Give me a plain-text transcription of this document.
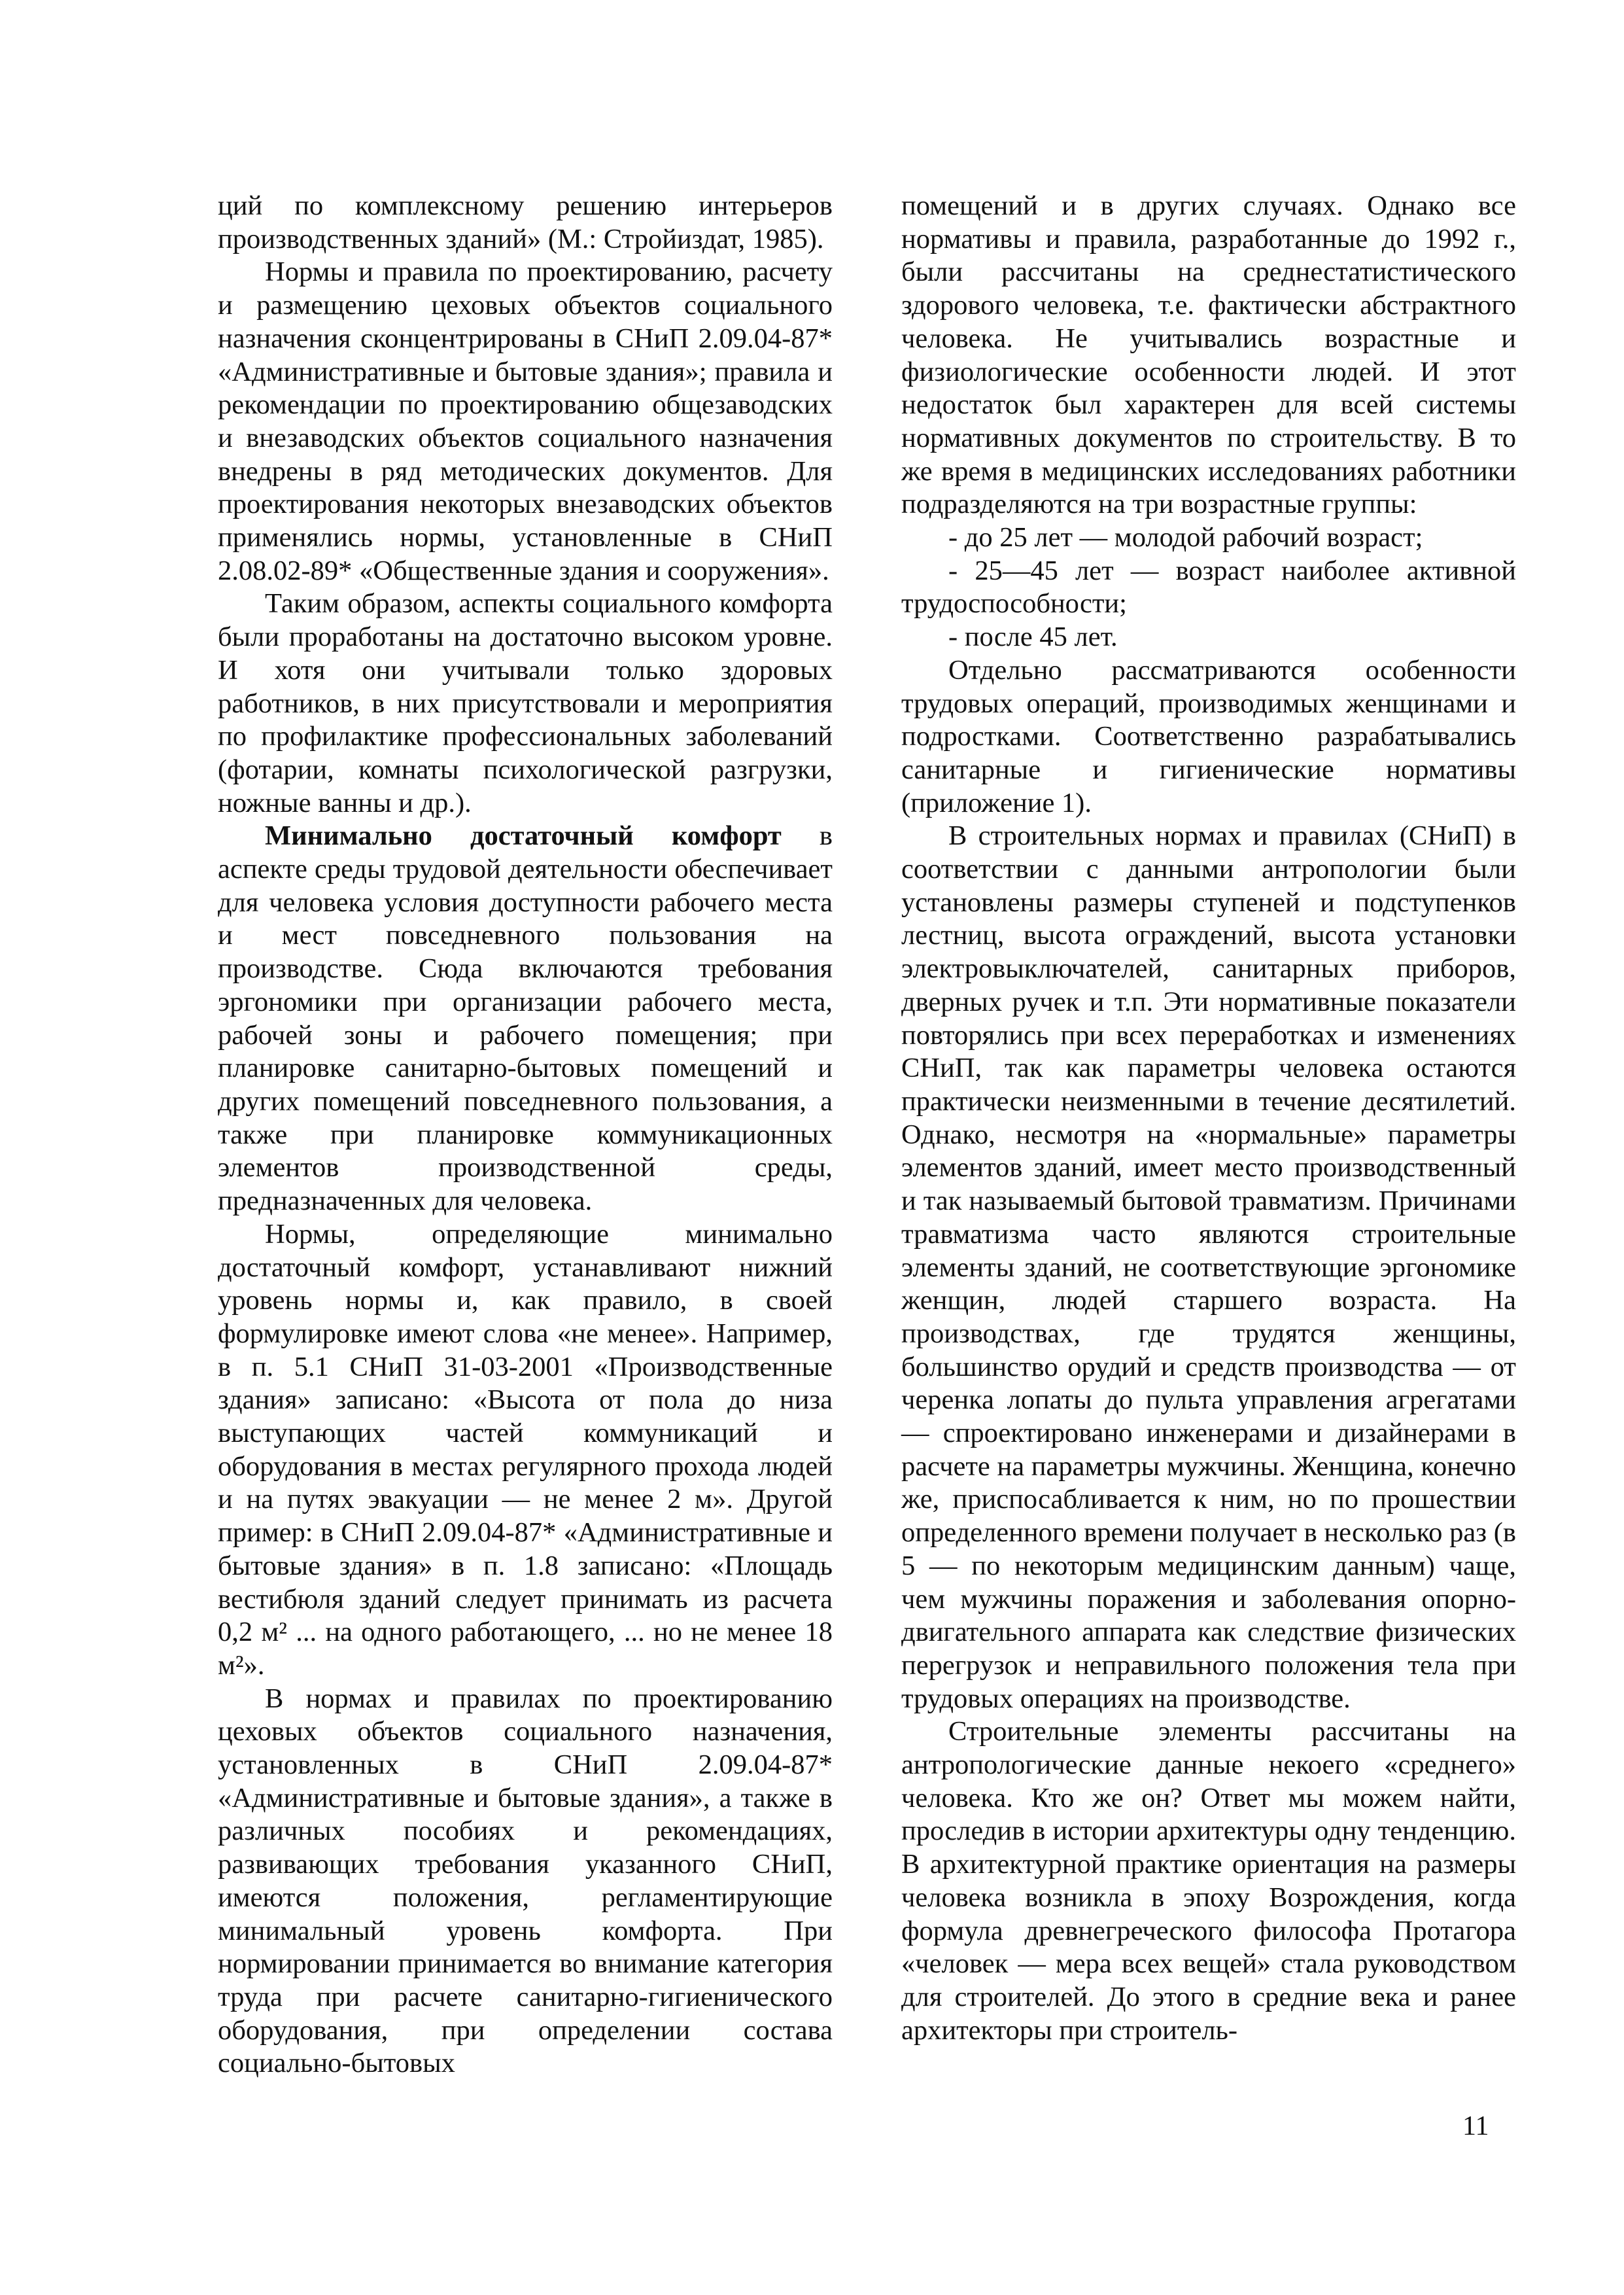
ций по комплексному решению интерьеров производственных зданий» (М.: Стройиздат, 1985).

Нормы и правила по проектированию, расчету и размещению цеховых объектов социального назначения сконцентрированы в СНиП 2.09.04-87* «Административные и бытовые здания»; правила и рекомендации по проектированию общезаводских и внезаводских объектов социального назначения внедрены в ряд методических документов. Для проектирования некоторых внезаводских объектов применялись нормы, установленные в СНиП 2.08.02-89* «Общественные здания и сооружения».

Таким образом, аспекты социального комфорта были проработаны на достаточно высоком уровне. И хотя они учитывали только здоровых работников, в них присутствовали и мероприятия по профилактике профессиональных заболеваний (фотарии, комнаты психологической разгрузки, ножные ванны и др.).

Минимально достаточный комфорт в аспекте среды трудовой деятельности обеспечивает для человека условия доступности рабочего места и мест повседневного пользования на производстве. Сюда включаются требования эргономики при организации рабочего места, рабочей зоны и рабочего помещения; при планировке санитарно-бытовых помещений и других помещений повседневного пользования, а также при планировке коммуникационных элементов производственной среды, предназначенных для человека.

Нормы, определяющие минимально достаточный комфорт, устанавливают нижний уровень нормы и, как правило, в своей формулировке имеют слова «не менее». Например, в п. 5.1 СНиП 31-03-2001 «Производственные здания» записано: «Высота от пола до низа выступающих частей коммуникаций и оборудования в местах регулярного прохода людей и на путях эвакуации — не менее 2 м». Другой пример: в СНиП 2.09.04-87* «Административные и бытовые здания» в п. 1.8 записано: «Площадь вестибюля зданий следует принимать из расчета 0,2 м² ... на одного работающего, ... но не менее 18 м²».

В нормах и правилах по проектированию цеховых объектов социального назначения, установленных в СНиП 2.09.04-87* «Административные и бытовые здания», а также в различных пособиях и рекомендациях, развивающих требования указанного СНиП, имеются положения, регламентирующие минимальный уровень комфорта. При нормировании принимается во внимание категория труда при расчете санитарно-гигиенического оборудования, при определении состава социально-бытовых

помещений и в других случаях. Однако все нормативы и правила, разработанные до 1992 г., были рассчитаны на среднестатистического здорового человека, т.е. фактически абстрактного человека. Не учитывались возрастные и физиологические особенности людей. И этот недостаток был характерен для всей системы нормативных документов по строительству. В то же время в медицинских исследованиях работники подразделяются на три возрастные группы:

- до 25 лет — молодой рабочий возраст;

- 25—45 лет — возраст наиболее активной трудоспособности;

- после 45 лет.

Отдельно рассматриваются особенности трудовых операций, производимых женщинами и подростками. Соответственно разрабатывались санитарные и гигиенические нормативы (приложение 1).

В строительных нормах и правилах (СНиП) в соответствии с данными антропологии были установлены размеры ступеней и подступенков лестниц, высота ограждений, высота установки электровыключателей, санитарных приборов, дверных ручек и т.п. Эти нормативные показатели повторялись при всех переработках и изменениях СНиП, так как параметры человека остаются практически неизменными в течение десятилетий. Однако, несмотря на «нормальные» параметры элементов зданий, имеет место производственный и так называемый бытовой травматизм. Причинами травматизма часто являются строительные элементы зданий, не соответствующие эргономике женщин, людей старшего возраста. На производствах, где трудятся женщины, большинство орудий и средств производства — от черенка лопаты до пульта управления агрегатами — спроектировано инженерами и дизайнерами в расчете на параметры мужчины. Женщина, конечно же, приспосабливается к ним, но по прошествии определенного времени получает в несколько раз (в 5 — по некоторым медицинским данным) чаще, чем мужчины поражения и заболевания опорно-двигательного аппарата как следствие физических перегрузок и неправильного положения тела при трудовых операциях на производстве.

Строительные элементы рассчитаны на антропологические данные некоего «среднего» человека. Кто же он? Ответ мы можем найти, проследив в истории архитектуры одну тенденцию. В архитектурной практике ориентация на размеры человека возникла в эпоху Возрождения, когда формула древнегреческого философа Протагора «человек — мера всех вещей» стала руководством для строителей. До этого в средние века и ранее архитекторы при строитель-

11
